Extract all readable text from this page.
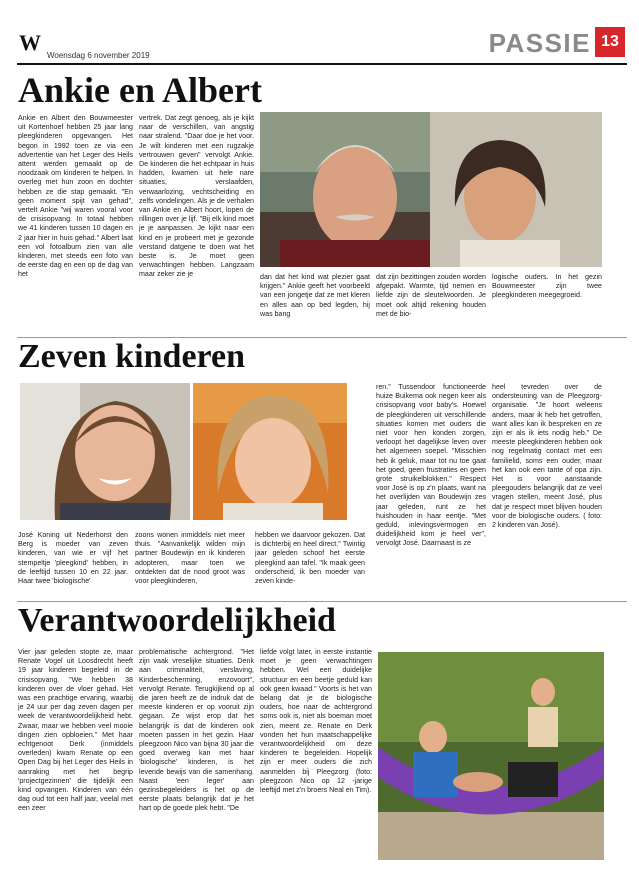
W
Woensdag 6 november 2019	PASSIE 13
Ankie en Albert
Ankie en Albert den Bouwmeester uit Kortenhoef hebben 25 jaar lang pleegkinderen opgevangen. Het begon in 1992 toen ze via een advertentie van het Leger des Heils attent werden gemaakt op de noodzaak om kinderen te helpen. In overleg met hun zoon en dochter hebben ze die stap gemaakt. "En geen moment spijt van gehad", vertelt Ankie "wij waren vooral voor de crisisopvang. In totaal hebben we 41 kinderen tussen 10 dagen en 2 jaar hier in huis gehad." Albert laat een vol fotoalbum zien van alle kinderen, met steeds een foto van de eerste dag en een op de dag van het
vertrek. Dat zegt genoeg, als je kijkt naar de verschillen, van angstig naar stralend. "Daar doe je het voor. Je wilt kinderen met een rugzakje vertrouwen geven" vervolgt Ankie. De kinderen die het echtpaar in huis hadden, kwamen uit hele nare situaties, verslaafden, verwaarlozing, vechtscheiding en zelfs vondelingen. Als je de verhalen van Ankie en Albert hoort, lopen de rillingen over je lijf. "Bij elk kind moet je je aanpassen. Je kijkt naar een kind en je probeert met je gezonde verstand datgene te doen wat het beste is. Je moet geen verwachtingen hebben. Langzaam maar zeker zie je	dan dat het kind wat plezier gaat krijgen." Ankie geeft het voorbeeld van een jongetje dat ze met kleren en alles aan op bed legden, hij was bang
dat zijn bezittingen zouden worden afgepakt. Warmte, tijd nemen en liefde zijn de sleutelwoorden. Je moet ook altijd rekening houden met de bio-
logische ouders. In het gezin Bouwmeester zijn twee pleegkinderen meegegroeid.
Zeven kinderen
José Koning uit Nederhorst den Berg is moeder van zeven kinderen, van wie er vijf het stempeltje 'pleegkind' hebben, in de leeftijd tussen 10 en 22 jaar. Haar twee 'biologische'
zoons wonen inmiddels niet meer thuis. "Aanvankelijk wilden mijn partner Boudewijn en ik kinderen adopteren, maar toen we ontdekten dat de nood groot was voor pleegkinderen,
hebben we daarvoor gekozen. Dat is dichterbij en heel direct." Twintig jaar geleden schoof het eerste pleegkind aan tafel. "Ik maak geen onderscheid, ik ben moeder van zeven kinde-
ren." Tussendoor functioneerde huize Buikema ook negen keer als crisisopvang voor baby's. Hoewel de pleegkinderen uit verschillende situaties komen met ouders die niet voor hen konden zorgen, verloopt het dagelijkse leven over het algemeen soepel. "Misschien heb ik geluk, maar tot nu toe gaat het goed, geen frustraties en geen grote struikelblokken." Respect voor José is op z'n plaats, want na het overlijden van Boudewijn zes jaar geleden, runt ze het huishouden in haar eentje. "Met geduld, inlevingsvermogen en duidelijkheid kom je heel ver", vervolgt José. Daarnaast is ze
heel tevreden over de ondersteuning van de Pleegzorg-organisatie. "Je hoort weleens anders, maar ik heb het getroffen, want alles kan ik bespreken en ze zijn er als ik iets nodig heb." De meeste pleegkinderen hebben ook nog regelmatig contact met een familielid, soms een ouder, maar het kan ook een tante of opa zijn. Het is voor aanstaande pleegouders belangrijk dat ze veel vragen stellen, meent José, plus dat je respect moet blijven houden voor de biologische ouders. ( foto: 2 kinderen van José).
Verantwoordelijkheid
Vier jaar geleden stopte ze, maar Renate Vogel uit Loosdrecht heeft 19 jaar kinderen begeleid in de crisisopvang. "We hebben 38 kinderen over de vloer gehad. Het was een prachtige ervaring, waarbij je 24 uur per dag zeven dagen per week de verantwoordelijkheid hebt. Zwaar, maar we hebben veel mooie dingen zien opbloeien." Met haar echtgenoot Derk (inmiddels overleden) kwam Renate op een Open Dag bij het Leger des Heils in aanraking met het begrip 'projectgezinnen' die tijdelijk een kind opvangen. Kinderen van één dag oud tot een half jaar, veelal met een zeer
problematische achtergrond. "Het zijn vaak vreselijke situaties. Denk aan criminaliteit, verslaving, Kinderbescherming, enzovoort", vervolgt Renate. Terugkijkend op al die jaren heeft ze de indruk dat de meeste kinderen er op vooruit zijn gegaan. Ze wijst erop dat het belangrijk is dat de kinderen ook moeten passen in het gezin. Haar pleegzoon Nico van bijna 30 jaar die goed overweg kan met haar 'biologische' kinderen, is het levende bewijs van die samenhang. Naast 'een leger' aan gezinsbegeleiders is het op de eerste plaats belangrijk dat je het hart op de goede plek hebt. "De
liefde volgt later, in eerste instantie moet je geen verwachtingen hebben. Wel een duidelijke structuur en een beetje geduld kan ook geen kwaad." Voorts is het van belang dat je de biologische ouders, hoe naar de achtergrond soms ook is, niet als boeman moet zien, meent ze. Renate en Derk vonden het hun maatschappelijke verantwoordelijkheid om deze kinderen te begeleiden. Hopelijk zijn er meer ouders die zich aanmelden bij Pleegzorg (foto: pleegzoon Nico op 12 -jarige leeftijd met z'n broers Neal en Tim).
